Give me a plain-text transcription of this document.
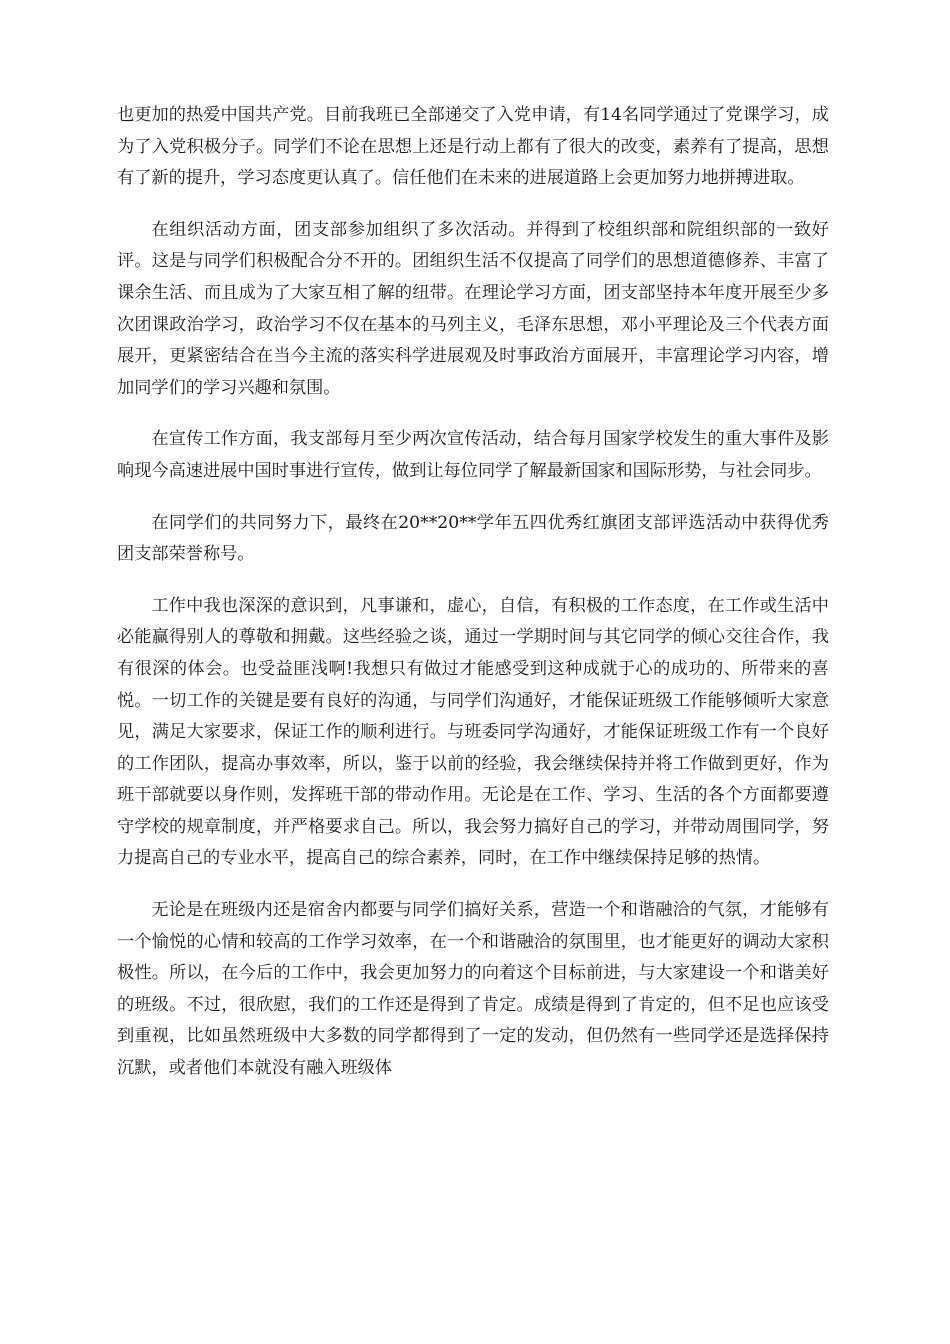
也更加的热爱中国共产党。目前我班已全部递交了入党申请，有14名同学通过了党课学习，成为了入党积极分子。同学们不论在思想上还是行动上都有了很大的改变，素养有了提高，思想有了新的提升，学习态度更认真了。信任他们在未来的进展道路上会更加努力地拼搏进取。

在组织活动方面，团支部参加组织了多次活动。并得到了校组织部和院组织部的一致好评。这是与同学们积极配合分不开的。团组织生活不仅提高了同学们的思想道德修养、丰富了课余生活、而且成为了大家互相了解的纽带。在理论学习方面，团支部坚持本年度开展至少多次团课政治学习，政治学习不仅在基本的马列主义，毛泽东思想，邓小平理论及三个代表方面展开，更紧密结合在当今主流的落实科学进展观及时事政治方面展开，丰富理论学习内容，增加同学们的学习兴趣和氛围。

在宣传工作方面，我支部每月至少两次宣传活动，结合每月国家学校发生的重大事件及影响现今高速进展中国时事进行宣传，做到让每位同学了解最新国家和国际形势，与社会同步。

在同学们的共同努力下，最终在20**20**学年五四优秀红旗团支部评选活动中获得优秀团支部荣誉称号。

工作中我也深深的意识到，凡事谦和，虚心，自信，有积极的工作态度，在工作或生活中必能赢得别人的尊敬和拥戴。这些经验之谈，通过一学期时间与其它同学的倾心交往合作，我有很深的体会。也受益匪浅啊!我想只有做过才能感受到这种成就于心的成功的、所带来的喜悦。一切工作的关键是要有良好的沟通，与同学们沟通好，才能保证班级工作能够倾听大家意见，满足大家要求，保证工作的顺利进行。与班委同学沟通好，才能保证班级工作有一个良好的工作团队，提高办事效率，所以，鉴于以前的经验，我会继续保持并将工作做到更好，作为班干部就要以身作则，发挥班干部的带动作用。无论是在工作、学习、生活的各个方面都要遵守学校的规章制度，并严格要求自己。所以，我会努力搞好自己的学习，并带动周围同学，努力提高自己的专业水平，提高自己的综合素养，同时，在工作中继续保持足够的热情。

无论是在班级内还是宿舍内都要与同学们搞好关系，营造一个和谐融洽的气氛，才能够有一个愉悦的心情和较高的工作学习效率，在一个和谐融洽的氛围里，也才能更好的调动大家积极性。所以，在今后的工作中，我会更加努力的向着这个目标前进，与大家建设一个和谐美好的班级。不过，很欣慰，我们的工作还是得到了肯定。成绩是得到了肯定的，但不足也应该受到重视，比如虽然班级中大多数的同学都得到了一定的发动，但仍然有一些同学还是选择保持沉默，或者他们本就没有融入班级体
